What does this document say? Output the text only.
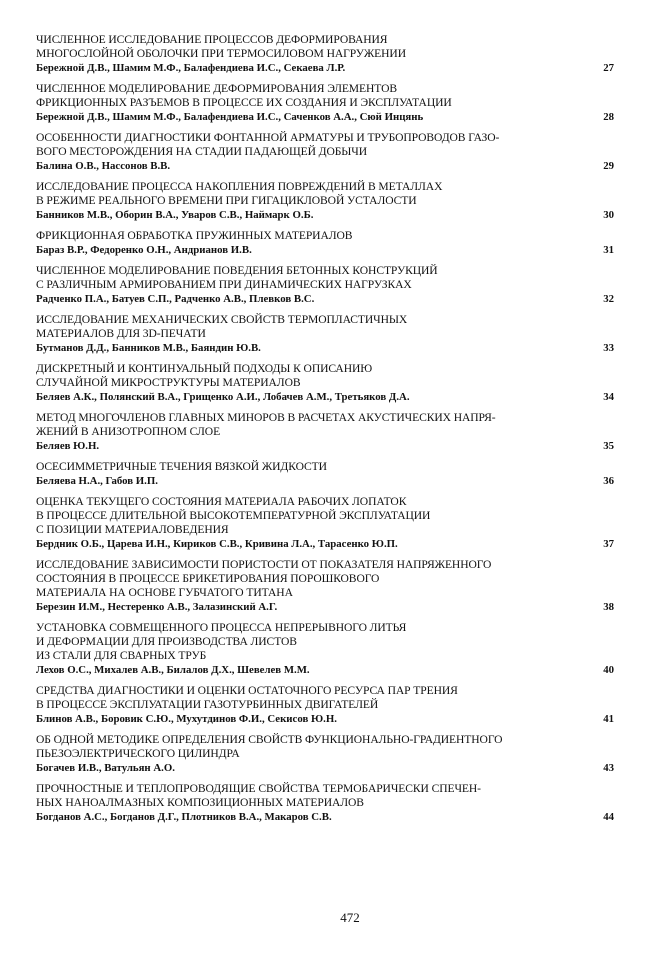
ЧИСЛЕННОЕ ИССЛЕДОВАНИЕ ПРОЦЕССОВ ДЕФОРМИРОВАНИЯ
МНОГОСЛОЙНОЙ ОБОЛОЧКИ ПРИ ТЕРМОСИЛОВОМ НАГРУЖЕНИИ
Бережной Д.В., Шамим М.Ф., Балафендиева И.С., Секаева Л.Р.	27
ЧИСЛЕННОЕ МОДЕЛИРОВАНИЕ ДЕФОРМИРОВАНИЯ ЭЛЕМЕНТОВ
ФРИКЦИОННЫХ РАЗЪЕМОВ В ПРОЦЕССЕ ИХ СОЗДАНИЯ И ЭКСПЛУАТАЦИИ
Бережной Д.В., Шамим М.Ф., Балафендиева И.С., Саченков А.А., Сюй Инцянь	28
ОСОБЕННОСТИ ДИАГНОСТИКИ ФОНТАННОЙ АРМАТУРЫ И ТРУБОПРОВОДОВ ГАЗО-
ВОГО МЕСТОРОЖДЕНИЯ НА СТАДИИ ПАДАЮЩЕЙ ДОБЫЧИ
Балина О.В., Нассонов В.В.	29
ИССЛЕДОВАНИЕ ПРОЦЕССА НАКОПЛЕНИЯ ПОВРЕЖДЕНИЙ В МЕТАЛЛАХ
В РЕЖИМЕ РЕАЛЬНОГО ВРЕМЕНИ ПРИ ГИГАЦИКЛОВОЙ УСТАЛОСТИ
Банников М.В., Оборин В.А., Уваров С.В., Наймарк О.Б.	30
ФРИКЦИОННАЯ ОБРАБОТКА ПРУЖИННЫХ МАТЕРИАЛОВ
Бараз В.Р., Федоренко О.Н., Андрианов И.В.	31
ЧИСЛЕННОЕ МОДЕЛИРОВАНИЕ ПОВЕДЕНИЯ БЕТОННЫХ КОНСТРУКЦИЙ
С РАЗЛИЧНЫМ АРМИРОВАНИЕМ ПРИ ДИНАМИЧЕСКИХ НАГРУЗКАХ
Радченко П.А., Батуев С.П., Радченко А.В., Плевков В.С.	32
ИССЛЕДОВАНИЕ МЕХАНИЧЕСКИХ СВОЙСТВ ТЕРМОПЛАСТИЧНЫХ
МАТЕРИАЛОВ ДЛЯ 3D-ПЕЧАТИ
Бутманов Д.Д., Банников М.В., Баяндин Ю.В.	33
ДИСКРЕТНЫЙ И КОНТИНУАЛЬНЫЙ ПОДХОДЫ К ОПИСАНИЮ
СЛУЧАЙНОЙ МИКРОСТРУКТУРЫ МАТЕРИАЛОВ
Беляев А.К., Полянский В.А., Грищенко А.И., Лобачев А.М., Третьяков Д.А.	34
МЕТОД МНОГОЧЛЕНОВ ГЛАВНЫХ МИНОРОВ В РАСЧЕТАХ АКУСТИЧЕСКИХ НАПРЯ-
ЖЕНИЙ В АНИЗОТРОПНОМ СЛОЕ
Беляев Ю.Н.	35
ОСЕСИММЕТРИЧНЫЕ ТЕЧЕНИЯ ВЯЗКОЙ ЖИДКОСТИ
Беляева Н.А., Габов И.П.	36
ОЦЕНКА ТЕКУЩЕГО СОСТОЯНИЯ МАТЕРИАЛА РАБОЧИХ ЛОПАТОК
В ПРОЦЕССЕ ДЛИТЕЛЬНОЙ ВЫСОКОТЕМПЕРАТУРНОЙ ЭКСПЛУАТАЦИИ
С ПОЗИЦИИ МАТЕРИАЛОВЕДЕНИЯ
Бердник О.Б., Царева И.Н., Кириков С.В., Кривина Л.А., Тарасенко Ю.П.	37
ИССЛЕДОВАНИЕ ЗАВИСИМОСТИ ПОРИСТОСТИ ОТ ПОКАЗАТЕЛЯ НАПРЯЖЕННОГО
СОСТОЯНИЯ В ПРОЦЕССЕ БРИКЕТИРОВАНИЯ ПОРОШКОВОГО
МАТЕРИАЛА НА ОСНОВЕ ГУБЧАТОГО ТИТАНА
Березин И.М., Нестеренко А.В., Залазинский А.Г.	38
УСТАНОВКА СОВМЕЩЕННОГО ПРОЦЕССА НЕПРЕРЫВНОГО ЛИТЬЯ
И ДЕФОРМАЦИИ ДЛЯ ПРОИЗВОДСТВА ЛИСТОВ
ИЗ СТАЛИ ДЛЯ СВАРНЫХ ТРУБ
Лехов О.С., Михалев А.В., Билалов Д.Х., Шевелев М.М.	40
СРЕДСТВА ДИАГНОСТИКИ И ОЦЕНКИ ОСТАТОЧНОГО РЕСУРСА ПАР ТРЕНИЯ
В ПРОЦЕССЕ ЭКСПЛУАТАЦИИ ГАЗОТУРБИННЫХ ДВИГАТЕЛЕЙ
Блинов А.В., Боровик С.Ю., Мухутдинов Ф.И., Секисов Ю.Н.	41
ОБ ОДНОЙ МЕТОДИКЕ ОПРЕДЕЛЕНИЯ СВОЙСТВ ФУНКЦИОНАЛЬНО-ГРАДИЕНТНОГО
ПЬЕЗОЭЛЕКТРИЧЕСКОГО ЦИЛИНДРА
Богачев И.В., Ватульян А.О.	43
ПРОЧНОСТНЫЕ И ТЕПЛОПРОВОДЯЩИЕ СВОЙСТВА ТЕРМОБАРИЧЕСКИ СПЕЧЕН-
НЫХ НАНОАЛМАЗНЫХ КОМПОЗИЦИОННЫХ МАТЕРИАЛОВ
Богданов А.С., Богданов Д.Г., Плотников В.А., Макаров С.В.	44
472
